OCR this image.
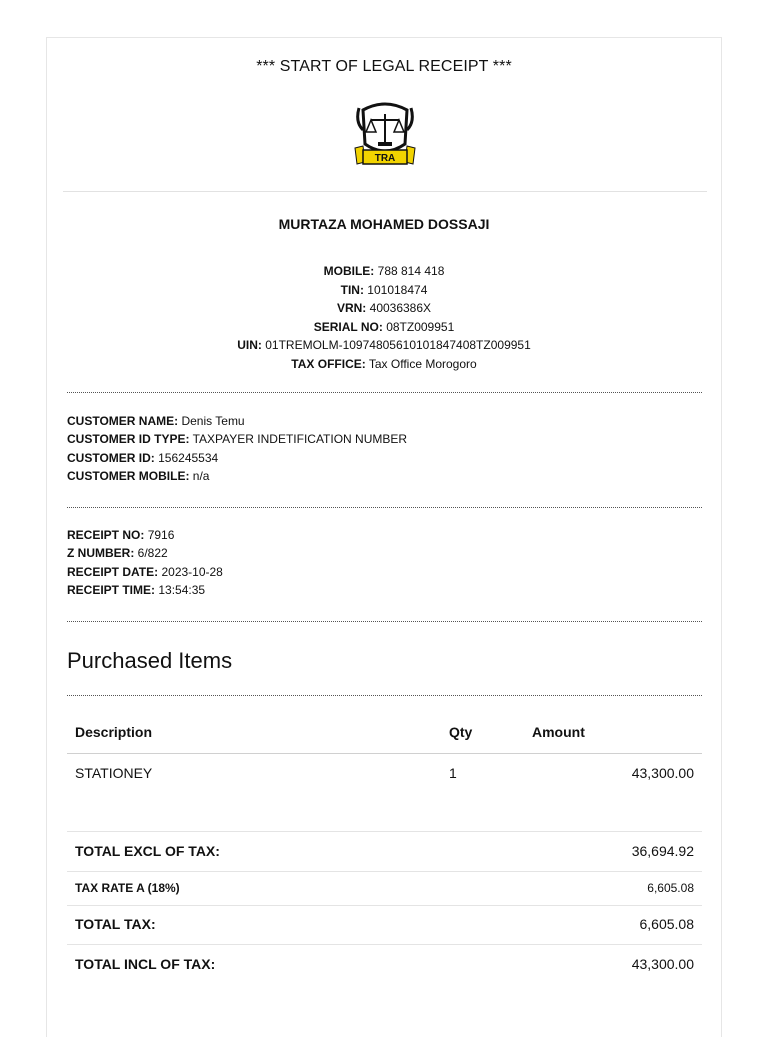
*** START OF LEGAL RECEIPT ***
TRA
MURTAZA MOHAMED DOSSAJI
MOBILE: 788 814 418
TIN: 101018474
VRN: 40036386X
SERIAL NO: 08TZ009951
UIN: 01TREMOLM-10974805610101847408TZ009951
TAX OFFICE: Tax Office Morogoro
CUSTOMER NAME: Denis Temu
CUSTOMER ID TYPE: TAXPAYER INDETIFICATION NUMBER
CUSTOMER ID: 156245534
CUSTOMER MOBILE: n/a
RECEIPT NO: 7916
Z NUMBER: 6/822
RECEIPT DATE: 2023-10-28
RECEIPT TIME: 13:54:35
Purchased Items
Description	Qty	Amount
STATIONEY	1	43,300.00
TOTAL EXCL OF TAX:	36,694.92
TAX RATE A (18%)	6,605.08
TOTAL TAX:	6,605.08
TOTAL INCL OF TAX:	43,300.00
